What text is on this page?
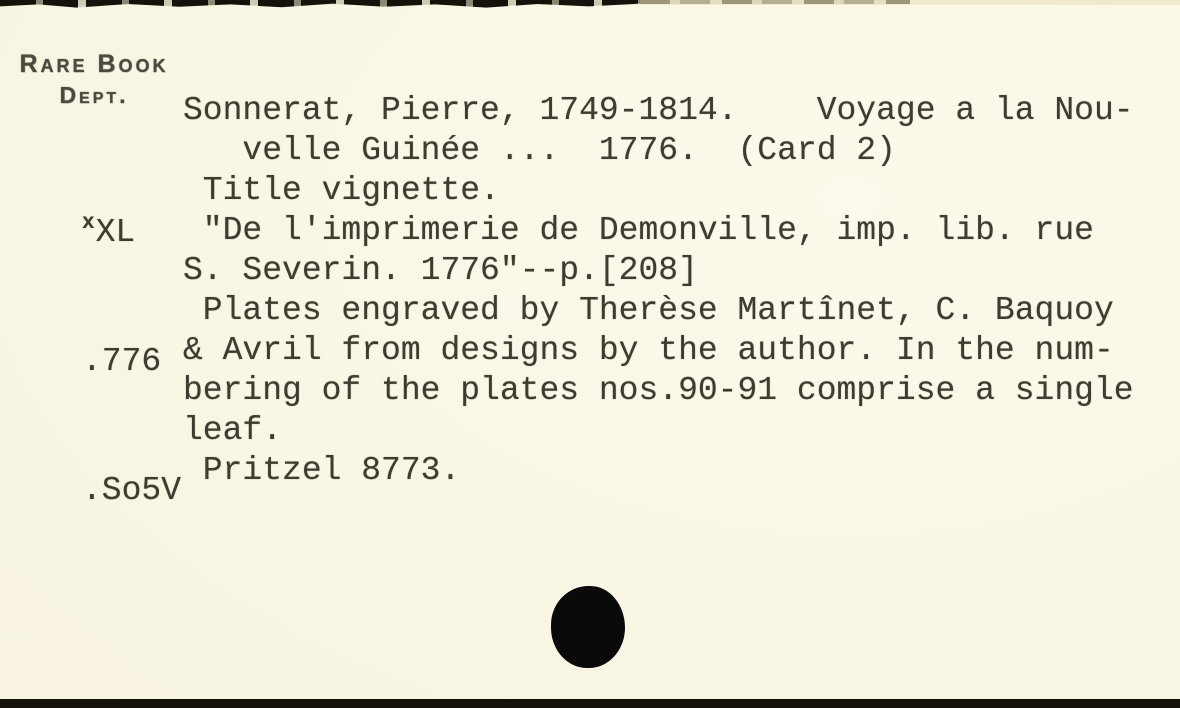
Rare Book
Dept.

xXL

.776

.So5V

Sonnerat, Pierre, 1749-1814.    Voyage a la Nou-
velle Guinée ...  1776.  (Card 2)
Title vignette.
"De l'imprimerie de Demonville, imp. lib. rue
S. Severin. 1776"--p.[208]
Plates engraved by Therèse Martînet, C. Baquoy
& Avril from designs by the author. In the num-
bering of the plates nos.90-91 comprise a single
leaf.
Pritzel 8773.
